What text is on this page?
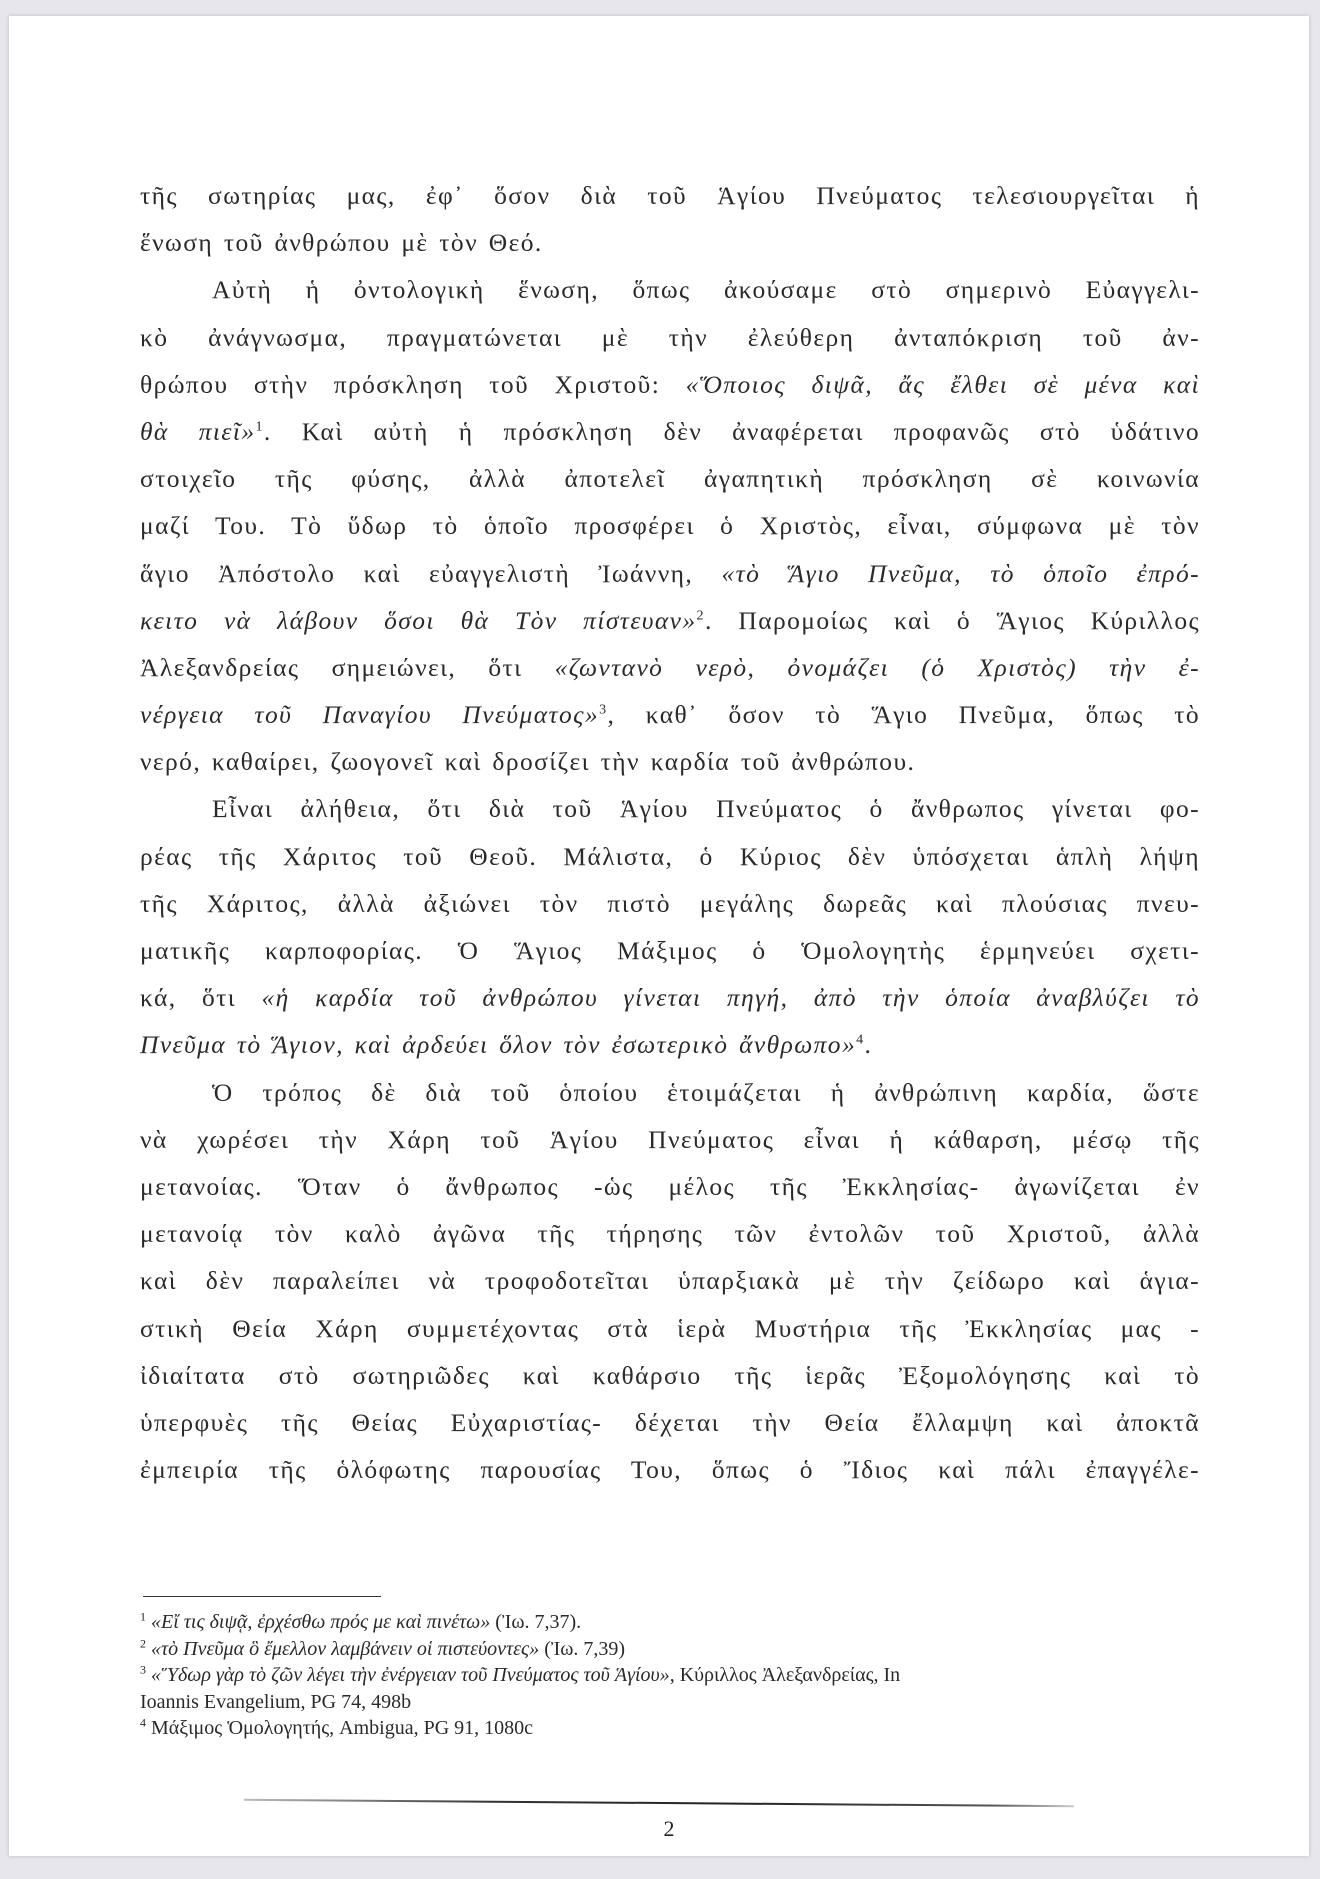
τῆς σωτηρίας μας, ἐφ᾿ ὅσον διὰ τοῦ Ἁγίου Πνεύματος τελεσιουργεῖται ἡ
ἕνωση τοῦ ἀνθρώπου μὲ τὸν Θεό.
Αὐτὴ ἡ ὀντολογικὴ ἕνωση, ὅπως ἀκούσαμε στὸ σημερινὸ Εὐαγγελι-
κὸ ἀνάγνωσμα, πραγματώνεται μὲ τὴν ἐλεύθερη ἀνταπόκριση τοῦ ἀν-
θρώπου στὴν πρόσκληση τοῦ Χριστοῦ: «Ὅποιος διψᾶ, ἄς ἔλθει σὲ μένα καὶ
θὰ πιεῖ»$^1$. Καὶ αὐτὴ ἡ πρόσκληση δὲν ἀναφέρεται προφανῶς στὸ ὑδάτινο
στοιχεῖο τῆς φύσης, ἀλλὰ ἀποτελεῖ ἀγαπητικὴ πρόσκληση σὲ κοινωνία
μαζί Του. Τὸ ὕδωρ τὸ ὁποῖο προσφέρει ὁ Χριστὸς, εἶναι, σύμφωνα μὲ τὸν
ἅγιο Ἀπόστολο καὶ εὐαγγελιστὴ Ἰωάννη, «τὸ Ἅγιο Πνεῦμα, τὸ ὁποῖο ἐπρό-
κειτο νὰ λάβουν ὅσοι θὰ Τὸν πίστευαν»$^2$. Παρομοίως καὶ ὁ Ἅγιος Κύριλλος
Ἀλεξανδρείας σημειώνει, ὅτι «ζωντανὸ νερὸ, ὀνομάζει (ὁ Χριστὸς) τὴν ἐ-
νέργεια τοῦ Παναγίου Πνεύματος»$^3$, καθ᾿ ὅσον τὸ Ἅγιο Πνεῦμα, ὅπως τὸ
νερό, καθαίρει, ζωογονεῖ καὶ δροσίζει τὴν καρδία τοῦ ἀνθρώπου.
Εἶναι ἀλήθεια, ὅτι διὰ τοῦ Ἁγίου Πνεύματος ὁ ἄνθρωπος γίνεται φο-
ρέας τῆς Χάριτος τοῦ Θεοῦ. Μάλιστα, ὁ Κύριος δὲν ὑπόσχεται ἁπλὴ λήψη
τῆς Χάριτος, ἀλλὰ ἀξιώνει τὸν πιστὸ μεγάλης δωρεᾶς καὶ πλούσιας πνευ-
ματικῆς καρποφορίας. Ὁ Ἅγιος Μάξιμος ὁ Ὁμολογητὴς ἑρμηνεύει σχετι-
κά, ὅτι «ἡ καρδία τοῦ ἀνθρώπου γίνεται πηγή, ἀπὸ τὴν ὁποία ἀναβλύζει τὸ
Πνεῦμα τὸ Ἅγιον, καὶ ἀρδεύει ὅλον τὸν ἐσωτερικὸ ἄνθρωπο»$^4$.
Ὁ τρόπος δὲ διὰ τοῦ ὁποίου ἑτοιμάζεται ἡ ἀνθρώπινη καρδία, ὥστε
νὰ χωρέσει τὴν Χάρη τοῦ Ἁγίου Πνεύματος εἶναι ἡ κάθαρση, μέσῳ τῆς
μετανοίας. Ὅταν ὁ ἄνθρωπος -ὡς μέλος τῆς Ἐκκλησίας- ἀγωνίζεται ἐν
μετανοίᾳ τὸν καλὸ ἀγῶνα τῆς τήρησης τῶν ἐντολῶν τοῦ Χριστοῦ, ἀλλὰ
καὶ δὲν παραλείπει νὰ τροφοδοτεῖται ὑπαρξιακὰ μὲ τὴν ζείδωρο καὶ ἁγια-
στικὴ Θεία Χάρη συμμετέχοντας στὰ ἱερὰ Μυστήρια τῆς Ἐκκλησίας μας -
ἰδιαίτατα στὸ σωτηριῶδες καὶ καθάρσιο τῆς ἱερᾶς Ἐξομολόγησης καὶ τὸ
ὑπερφυὲς τῆς Θείας Εὐχαριστίας- δέχεται τὴν Θεία ἔλλαμψη καὶ ἀποκτᾶ
ἐμπειρία τῆς ὁλόφωτης παρουσίας Του, ὅπως ὁ Ἴδιος καὶ πάλι ἐπαγγέλε-
$^1$ «Εἴ τις διψᾷ, ἐρχέσθω πρός με καὶ πινέτω» (Ἰω. 7,37).
$^2$ «τὸ Πνεῦμα ὃ ἔμελλον λαμβάνειν οἱ πιστεύοντες» (Ἰω. 7,39)
$^3$ «Ὕδωρ γὰρ τὸ ζῶν λέγει τὴν ἐνέργειαν τοῦ Πνεύματος τοῦ Ἁγίου», Κύριλλος Ἀλεξανδρείας, In
Ioannis Evangelium, PG 74, 498b
$^4$ Μάξιμος Ὁμολογητής, Ambigua, PG 91, 1080c
2
